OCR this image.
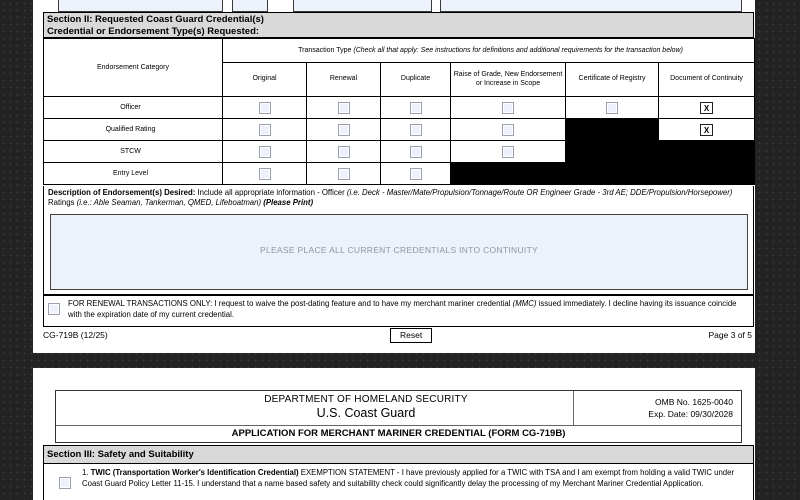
Section II: Requested Coast Guard Credential(s)
Credential or Endorsement Type(s) Requested:
Endorsement Category	Transaction Type (Check all that apply: See instructions for definitions and additional requirements for the transaction below)					
	Original	Renewal	Duplicate	Raise of Grade, New Endorsement or Increase in Scope	Certificate of Registry	Document of Continuity
Officer						X
Qualified Rating						X
STCW						
Entry Level						
Description of Endorsement(s) Desired: Include all appropriate information - Officer (i.e. Deck - Master/Mate/Propulsion/Tonnage/Route OR Engineer Grade - 3rd AE; DDE/Propulsion/Horsepower) Ratings (i.e.: Able Seaman, Tankerman, QMED, Lifeboatman) (Please Print)
PLEASE PLACE ALL CURRENT CREDENTIALS INTO CONTINUITY
FOR RENEWAL TRANSACTIONS ONLY: I request to waive the post-dating feature and to have my merchant mariner credential (MMC) issued immediately. I decline having its issuance coincide with the expiration date of my current credential.
CG-719B (12/25)	Reset	Page 3 of 5
DEPARTMENT OF HOMELAND SECURITY
U.S. Coast Guard
OMB No. 1625-0040
Exp. Date: 09/30/2028
APPLICATION FOR MERCHANT MARINER CREDENTIAL (FORM CG-719B)
Section III: Safety and Suitability
1. TWIC (Transportation Worker's Identification Credential) EXEMPTION STATEMENT - I have previously applied for a TWIC with TSA and I am exempt from holding a valid TWIC under Coast Guard Policy Letter 11-15. I understand that a name based safety and suitability check could significantly delay the processing of my Merchant Mariner Credential Application.
